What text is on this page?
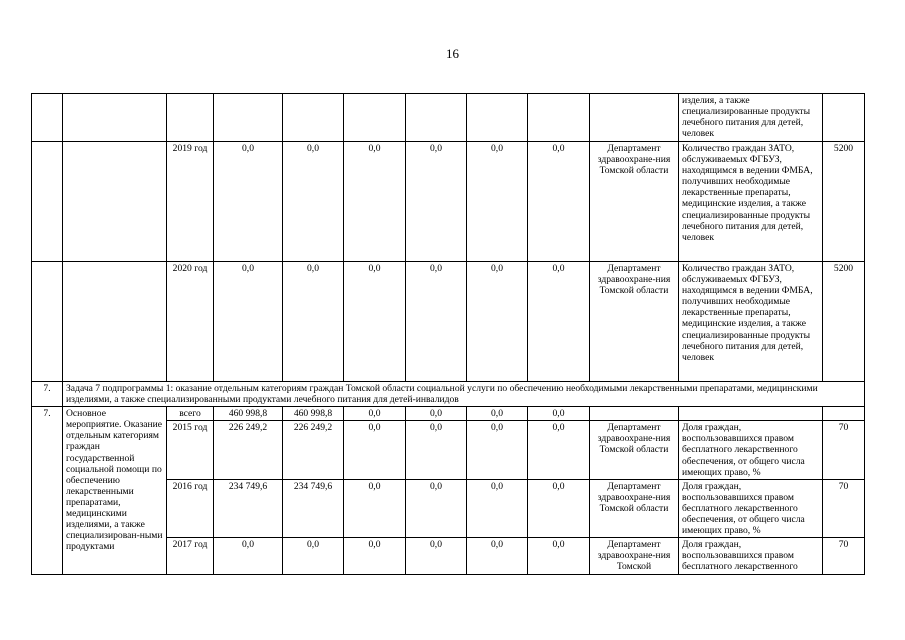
16
										изделия, а также специализированные продукты лечебного питания для детей, человек	
		2019 год	0,0	0,0	0,0	0,0	0,0	0,0	Департамент здравоохране-ния Томской области	Количество граждан ЗАТО, обслуживаемых ФГБУЗ, находящимся в ведении ФМБА, получивших необходимые лекарственные препараты, медицинские изделия, а также специализированные продукты лечебного питания для детей, человек	5200
		2020 год	0,0	0,0	0,0	0,0	0,0	0,0	Департамент здравоохране-ния Томской области	Количество граждан ЗАТО, обслуживаемых ФГБУЗ, находящимся в ведении ФМБА, получивших необходимые лекарственные препараты, медицинские изделия, а также специализированные продукты лечебного питания для детей, человек	5200
7.	Задача 7 подпрограммы 1: оказание отдельным категориям граждан Томской области социальной услуги по обеспечению необходимыми лекарственными препаратами, медицинскими изделиями, а также специализированными продуктами лечебного питания для детей-инвалидов										
7.	Основное мероприятие. Оказание отдельным категориям граждан государственной социальной помощи по обеспечению лекарственными препаратами, медицинскими изделиями, а также специализирован-ными продуктами	всего	460 998,8	460 998,8	0,0	0,0	0,0	0,0			
		2015 год	226 249,2	226 249,2	0,0	0,0	0,0	0,0	Департамент здравоохране-ния Томской области	Доля граждан, воспользовавшихся правом бесплатного лекарственного обеспечения, от общего числа имеющих право, %	70
		2016 год	234 749,6	234 749,6	0,0	0,0	0,0	0,0	Департамент здравоохране-ния Томской области	Доля граждан, воспользовавшихся правом бесплатного лекарственного обеспечения, от общего числа имеющих право, %	70
		2017 год	0,0	0,0	0,0	0,0	0,0	0,0	Департамент здравоохране-ния Томской	Доля граждан, воспользовавшихся правом бесплатного лекарственного	70
